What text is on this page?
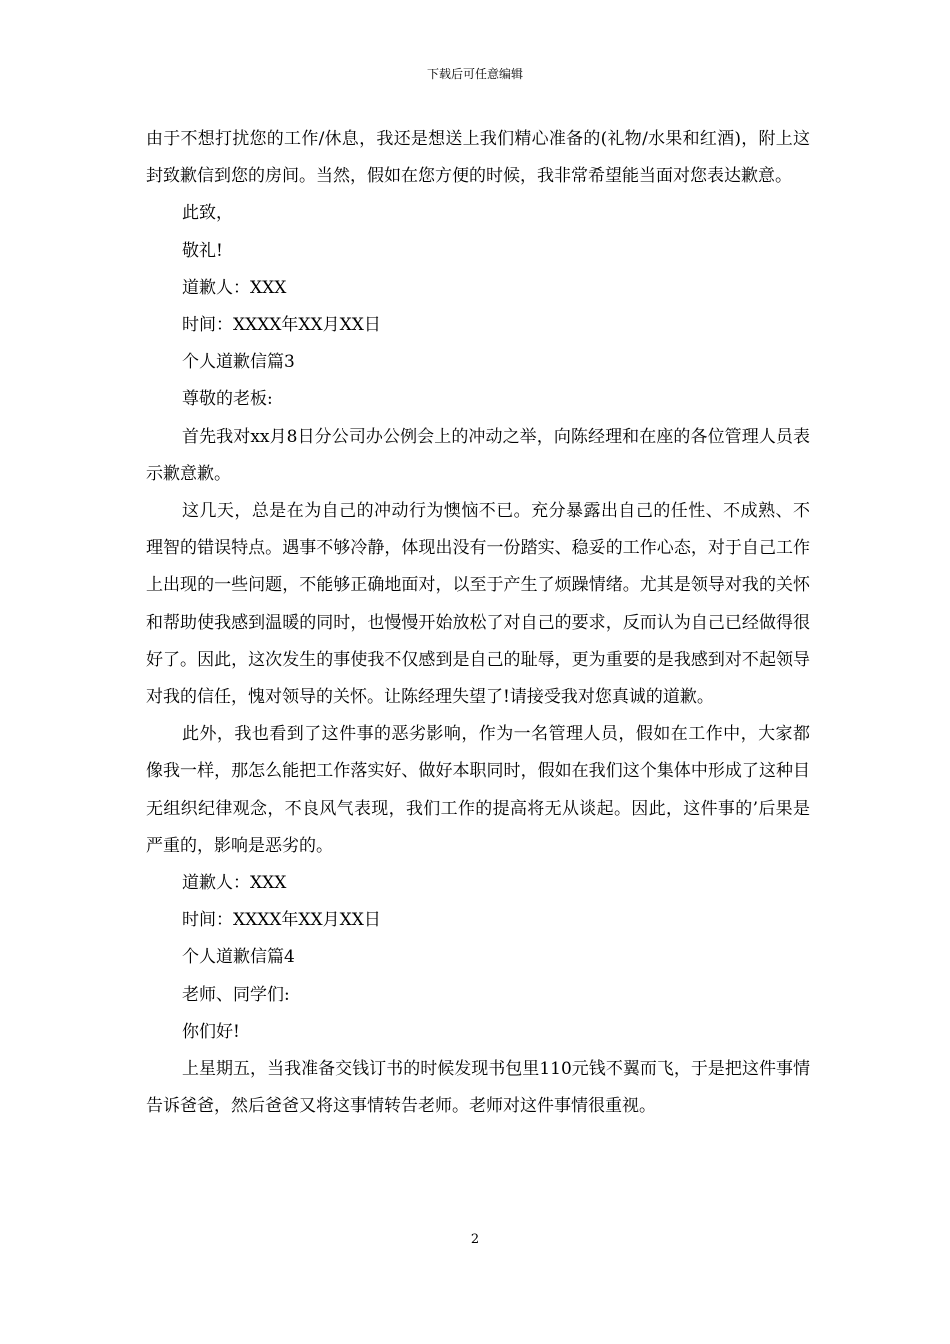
下载后可任意编辑

由于不想打扰您的工作/休息，我还是想送上我们精心准备的(礼物/水果和红酒)，附上这封致歉信到您的房间。当然，假如在您方便的时候，我非常希望能当面对您表达歉意。

此致，

敬礼!

道歉人：XXX

时间：XXXX年XX月XX日

个人道歉信篇3

尊敬的老板:

首先我对xx月8日分公司办公例会上的冲动之举，向陈经理和在座的各位管理人员表示歉意歉。

这几天，总是在为自己的冲动行为懊恼不已。充分暴露出自己的任性、不成熟、不理智的错误特点。遇事不够冷静，体现出没有一份踏实、稳妥的工作心态，对于自己工作上出现的一些问题，不能够正确地面对，以至于产生了烦躁情绪。尤其是领导对我的关怀和帮助使我感到温暖的同时，也慢慢开始放松了对自己的要求，反而认为自己已经做得很好了。因此，这次发生的事使我不仅感到是自己的耻辱，更为重要的是我感到对不起领导对我的信任，愧对领导的关怀。让陈经理失望了!请接受我对您真诚的道歉。

此外，我也看到了这件事的恶劣影响，作为一名管理人员，假如在工作中，大家都像我一样，那怎么能把工作落实好、做好本职同时，假如在我们这个集体中形成了这种目无组织纪律观念，不良风气表现，我们工作的提高将无从谈起。因此，这件事的’后果是严重的，影响是恶劣的。

道歉人：XXX

时间：XXXX年XX月XX日

个人道歉信篇4

老师、同学们:

你们好!

上星期五，当我准备交钱订书的时候发现书包里110元钱不翼而飞，于是把这件事情告诉爸爸，然后爸爸又将这事情转告老师。老师对这件事情很重视。

2
